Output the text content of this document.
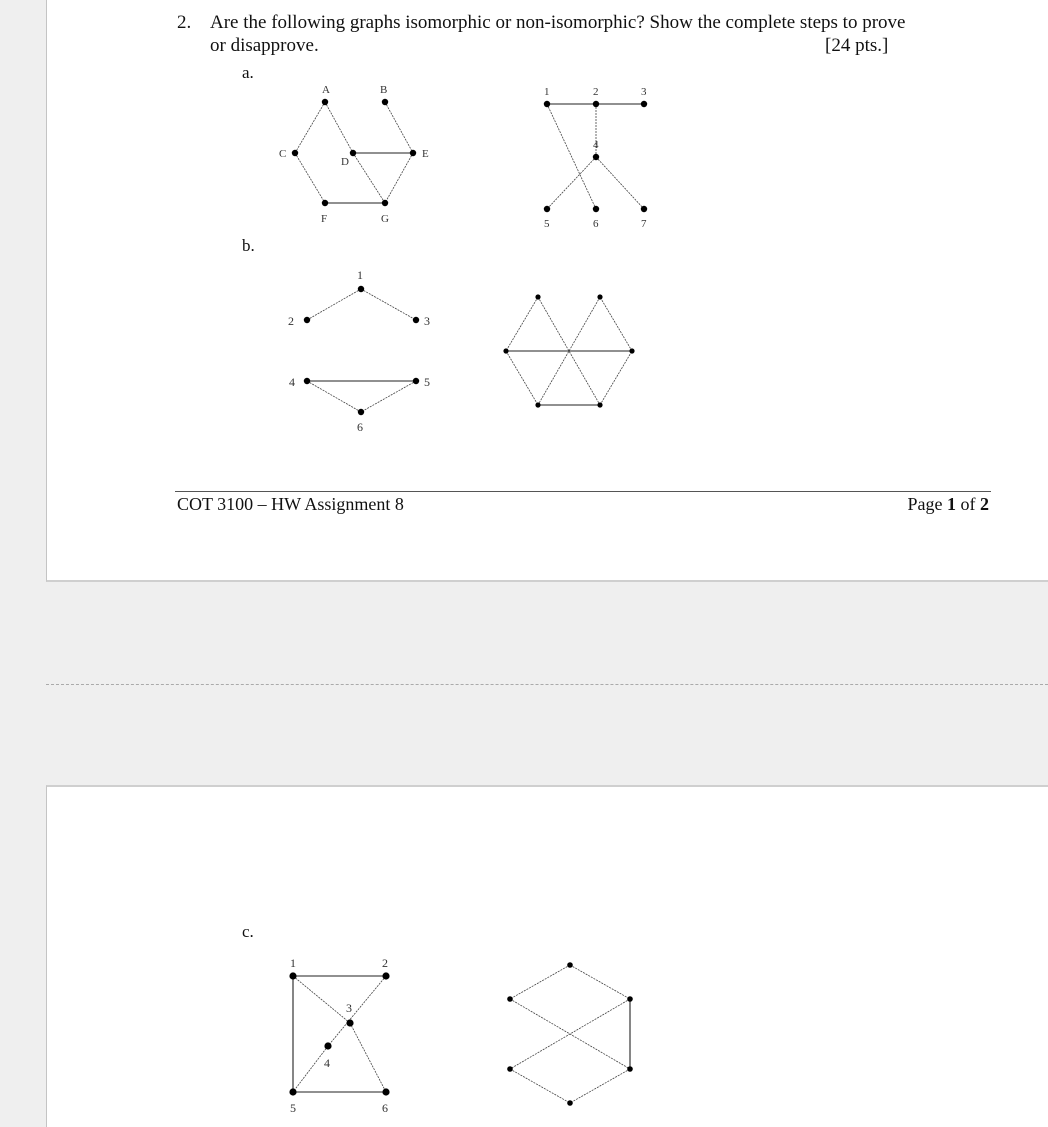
2. Are the following graphs isomorphic or non-isomorphic? Show the complete steps to prove
or disapprove.	[24 pts.]
a.
b.
A	B
C
D
E
F	G
1	2	3
4
5	6	7
1
2	3
4	5
6
COT 3100 – HW Assignment 8	Page 1 of 2
c.
1	2
3
4
5	6
